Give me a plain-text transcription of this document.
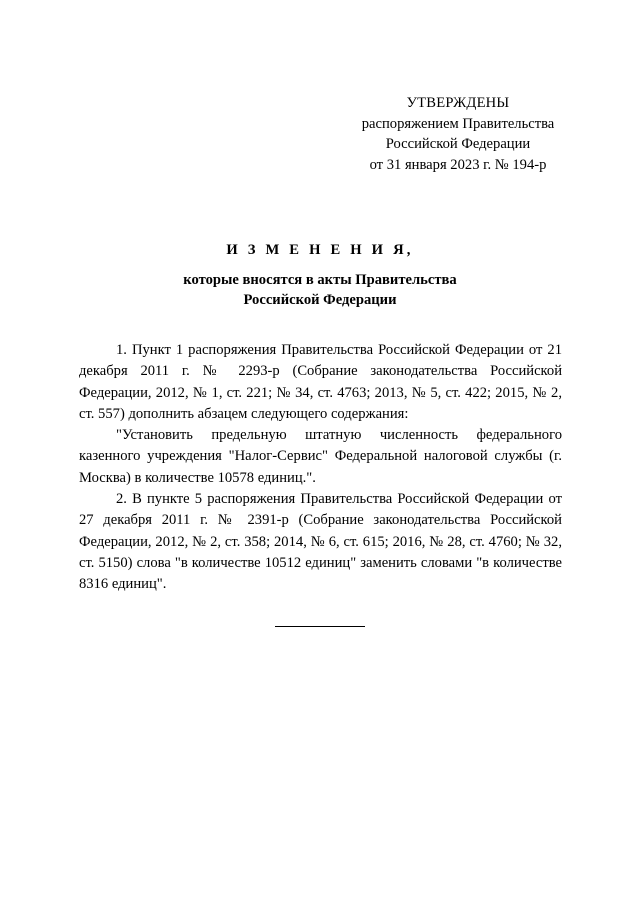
УТВЕРЖДЕНЫ
распоряжением Правительства
Российской Федерации
от 31 января 2023 г. № 194-р
И З М Е Н Е Н И Я,
которые вносятся в акты Правительства
Российской Федерации

1. Пункт 1 распоряжения Правительства Российской Федерации от 21 декабря 2011 г. № 2293-р (Собрание законодательства Российской Федерации, 2012, № 1, ст. 221; № 34, ст. 4763; 2013, № 5, ст. 422; 2015, № 2, ст. 557) дополнить абзацем следующего содержания:

"Установить предельную штатную численность федерального казенного учреждения "Налог-Сервис" Федеральной налоговой службы (г. Москва) в количестве 10578 единиц.".

2. В пункте 5 распоряжения Правительства Российской Федерации от 27 декабря 2011 г. № 2391-р (Собрание законодательства Российской Федерации, 2012, № 2, ст. 358; 2014, № 6, ст. 615; 2016, № 28, ст. 4760; № 32, ст. 5150) слова "в количестве 10512 единиц" заменить словами "в количестве 8316 единиц".
